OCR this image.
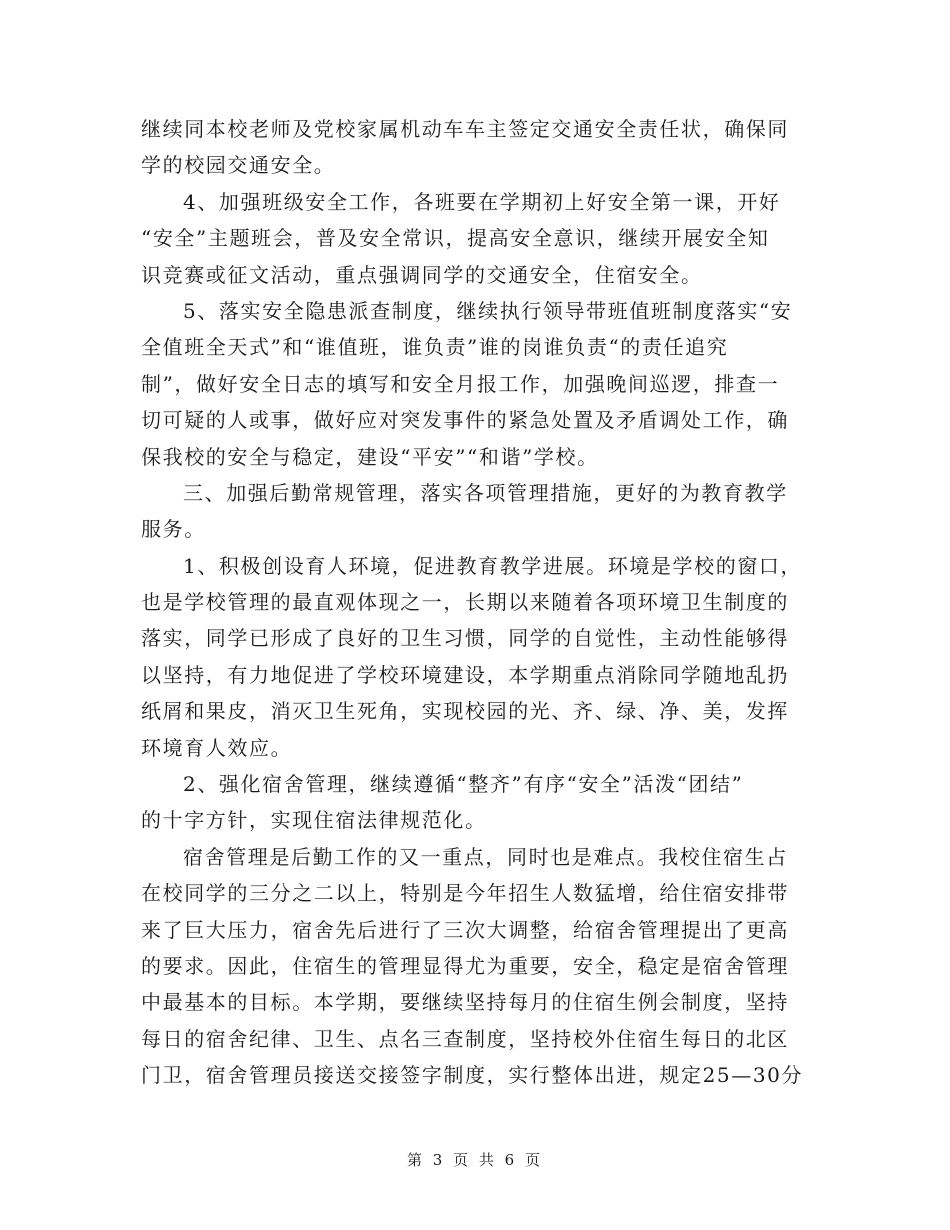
继续同本校老师及党校家属机动车车主签定交通安全责任状，确保同
学的校园交通安全。
4、加强班级安全工作，各班要在学期初上好安全第一课，开好
“安全”主题班会，普及安全常识，提高安全意识，继续开展安全知
识竞赛或征文活动，重点强调同学的交通安全，住宿安全。
5、落实安全隐患派查制度，继续执行领导带班值班制度落实“安
全值班全天式”和“谁值班，谁负责”谁的岗谁负责“的责任追究
制”，做好安全日志的填写和安全月报工作，加强晚间巡逻，排查一
切可疑的人或事，做好应对突发事件的紧急处置及矛盾调处工作，确
保我校的安全与稳定，建设“平安”“和谐”学校。
三、加强后勤常规管理，落实各项管理措施，更好的为教育教学
服务。
1、积极创设育人环境，促进教育教学进展。环境是学校的窗口，
也是学校管理的最直观体现之一，长期以来随着各项环境卫生制度的
落实，同学已形成了良好的卫生习惯，同学的自觉性，主动性能够得
以坚持，有力地促进了学校环境建设，本学期重点消除同学随地乱扔
纸屑和果皮，消灭卫生死角，实现校园的光、齐、绿、净、美，发挥
环境育人效应。
2、强化宿舍管理，继续遵循“整齐”有序“安全”活泼“团结”
的十字方针，实现住宿法律规范化。
宿舍管理是后勤工作的又一重点，同时也是难点。我校住宿生占
在校同学的三分之二以上，特别是今年招生人数猛增，给住宿安排带
来了巨大压力，宿舍先后进行了三次大调整，给宿舍管理提出了更高
的要求。因此，住宿生的管理显得尤为重要，安全，稳定是宿舍管理
中最基本的目标。本学期，要继续坚持每月的住宿生例会制度，坚持
每日的宿舍纪律、卫生、点名三查制度，坚持校外住宿生每日的北区
门卫，宿舍管理员接送交接签字制度，实行整体出进，规定25—30分
第 3 页 共 6 页
